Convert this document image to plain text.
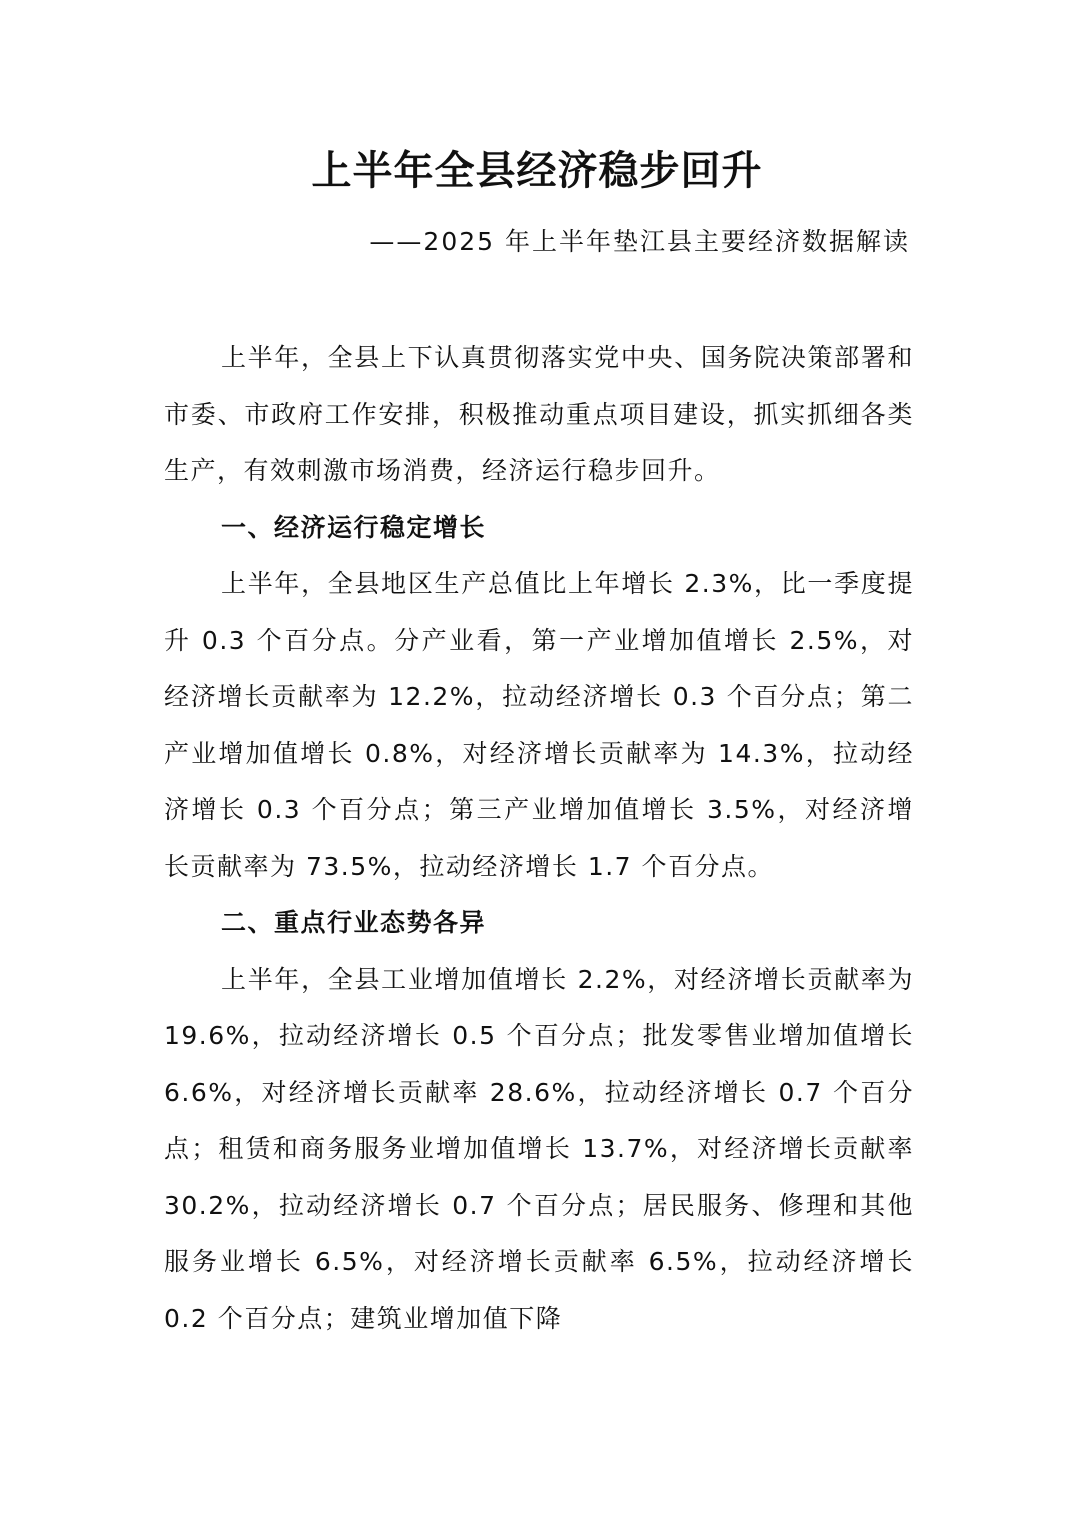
上半年全县经济稳步回升

——2025 年上半年垫江县主要经济数据解读

上半年，全县上下认真贯彻落实党中央、国务院决策部署和市委、市政府工作安排，积极推动重点项目建设，抓实抓细各类生产，有效刺激市场消费，经济运行稳步回升。

一、经济运行稳定增长

上半年，全县地区生产总值比上年增长 2.3%，比一季度提升 0.3 个百分点。分产业看，第一产业增加值增长 2.5%，对经济增长贡献率为 12.2%，拉动经济增长 0.3 个百分点；第二产业增加值增长 0.8%，对经济增长贡献率为 14.3%，拉动经济增长 0.3 个百分点；第三产业增加值增长 3.5%，对经济增长贡献率为 73.5%，拉动经济增长 1.7 个百分点。

二、重点行业态势各异

上半年，全县工业增加值增长 2.2%，对经济增长贡献率为 19.6%，拉动经济增长 0.5 个百分点；批发零售业增加值增长 6.6%，对经济增长贡献率 28.6%，拉动经济增长 0.7 个百分点；租赁和商务服务业增加值增长 13.7%，对经济增长贡献率 30.2%，拉动经济增长 0.7 个百分点；居民服务、修理和其他服务业增长 6.5%，对经济增长贡献率 6.5%，拉动经济增长 0.2 个百分点；建筑业增加值下降
